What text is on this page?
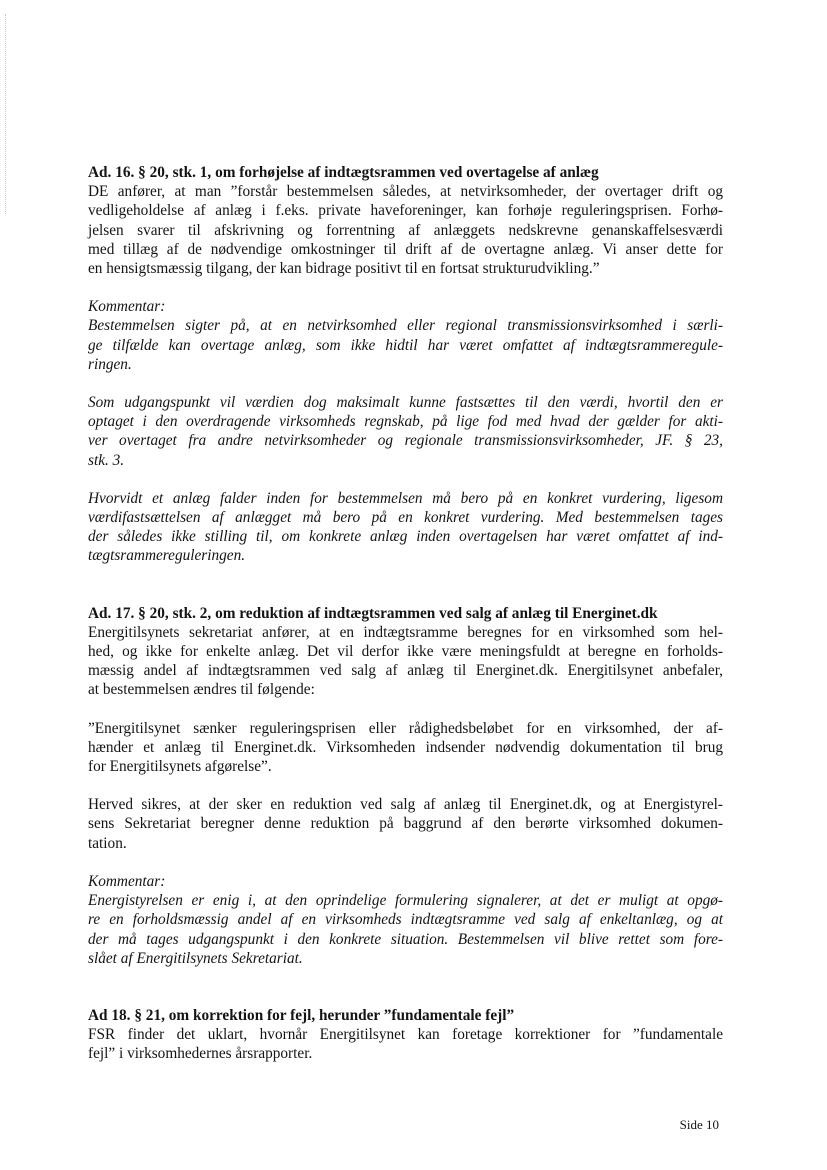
Ad. 16. § 20, stk. 1, om forhøjelse af indtægtsrammen ved overtagelse af anlæg
DE anfører, at man ”forstår bestemmelsen således, at netvirksomheder, der overtager drift og
vedligeholdelse af anlæg i f.eks. private haveforeninger, kan forhøje reguleringsprisen. Forhø-
jelsen svarer til afskrivning og forrentning af anlæggets nedskrevne genanskaffelsesværdi
med tillæg af de nødvendige omkostninger til drift af de overtagne anlæg. Vi anser dette for
en hensigtsmæssig tilgang, der kan bidrage positivt til en fortsat strukturudvikling.”
Kommentar:
Bestemmelsen sigter på, at en netvirksomhed eller regional transmissionsvirksomhed i særli-
ge tilfælde kan overtage anlæg, som ikke hidtil har været omfattet af indtægtsrammeregule-
ringen.
Som udgangspunkt vil værdien dog maksimalt kunne fastsættes til den værdi, hvortil den er
optaget i den overdragende virksomheds regnskab, på lige fod med hvad der gælder for akti-
ver overtaget fra andre netvirksomheder og regionale transmissionsvirksomheder, JF. § 23,
stk. 3.
Hvorvidt et anlæg falder inden for bestemmelsen må bero på en konkret vurdering, ligesom
værdifastsættelsen af anlægget må bero på en konkret vurdering. Med bestemmelsen tages
der således ikke stilling til, om konkrete anlæg inden overtagelsen har været omfattet af ind-
tægtsrammereguleringen.
Ad. 17. § 20, stk. 2, om reduktion af indtægtsrammen ved salg af anlæg til Energinet.dk
Energitilsynets sekretariat anfører, at en indtægtsramme beregnes for en virksomhed som hel-
hed, og ikke for enkelte anlæg. Det vil derfor ikke være meningsfuldt at beregne en forholds-
mæssig andel af indtægtsrammen ved salg af anlæg til Energinet.dk. Energitilsynet anbefaler,
at bestemmelsen ændres til følgende:
”Energitilsynet sænker reguleringsprisen eller rådighedsbeløbet for en virksomhed, der af-
hænder et anlæg til Energinet.dk. Virksomheden indsender nødvendig dokumentation til brug
for Energitilsynets afgørelse”.
Herved sikres, at der sker en reduktion ved salg af anlæg til Energinet.dk, og at Energistyrel-
sens Sekretariat beregner denne reduktion på baggrund af den berørte virksomhed dokumen-
tation.
Kommentar:
Energistyrelsen er enig i, at den oprindelige formulering signalerer, at det er muligt at opgø-
re en forholdsmæssig andel af en virksomheds indtægtsramme ved salg af enkeltanlæg, og at
der må tages udgangspunkt i den konkrete situation. Bestemmelsen vil blive rettet som fore-
slået af Energitilsynets Sekretariat.
Ad 18. § 21, om korrektion for fejl, herunder ”fundamentale fejl”
FSR finder det uklart, hvornår Energitilsynet kan foretage korrektioner for ”fundamentale
fejl” i virksomhedernes årsrapporter.
Side 10
